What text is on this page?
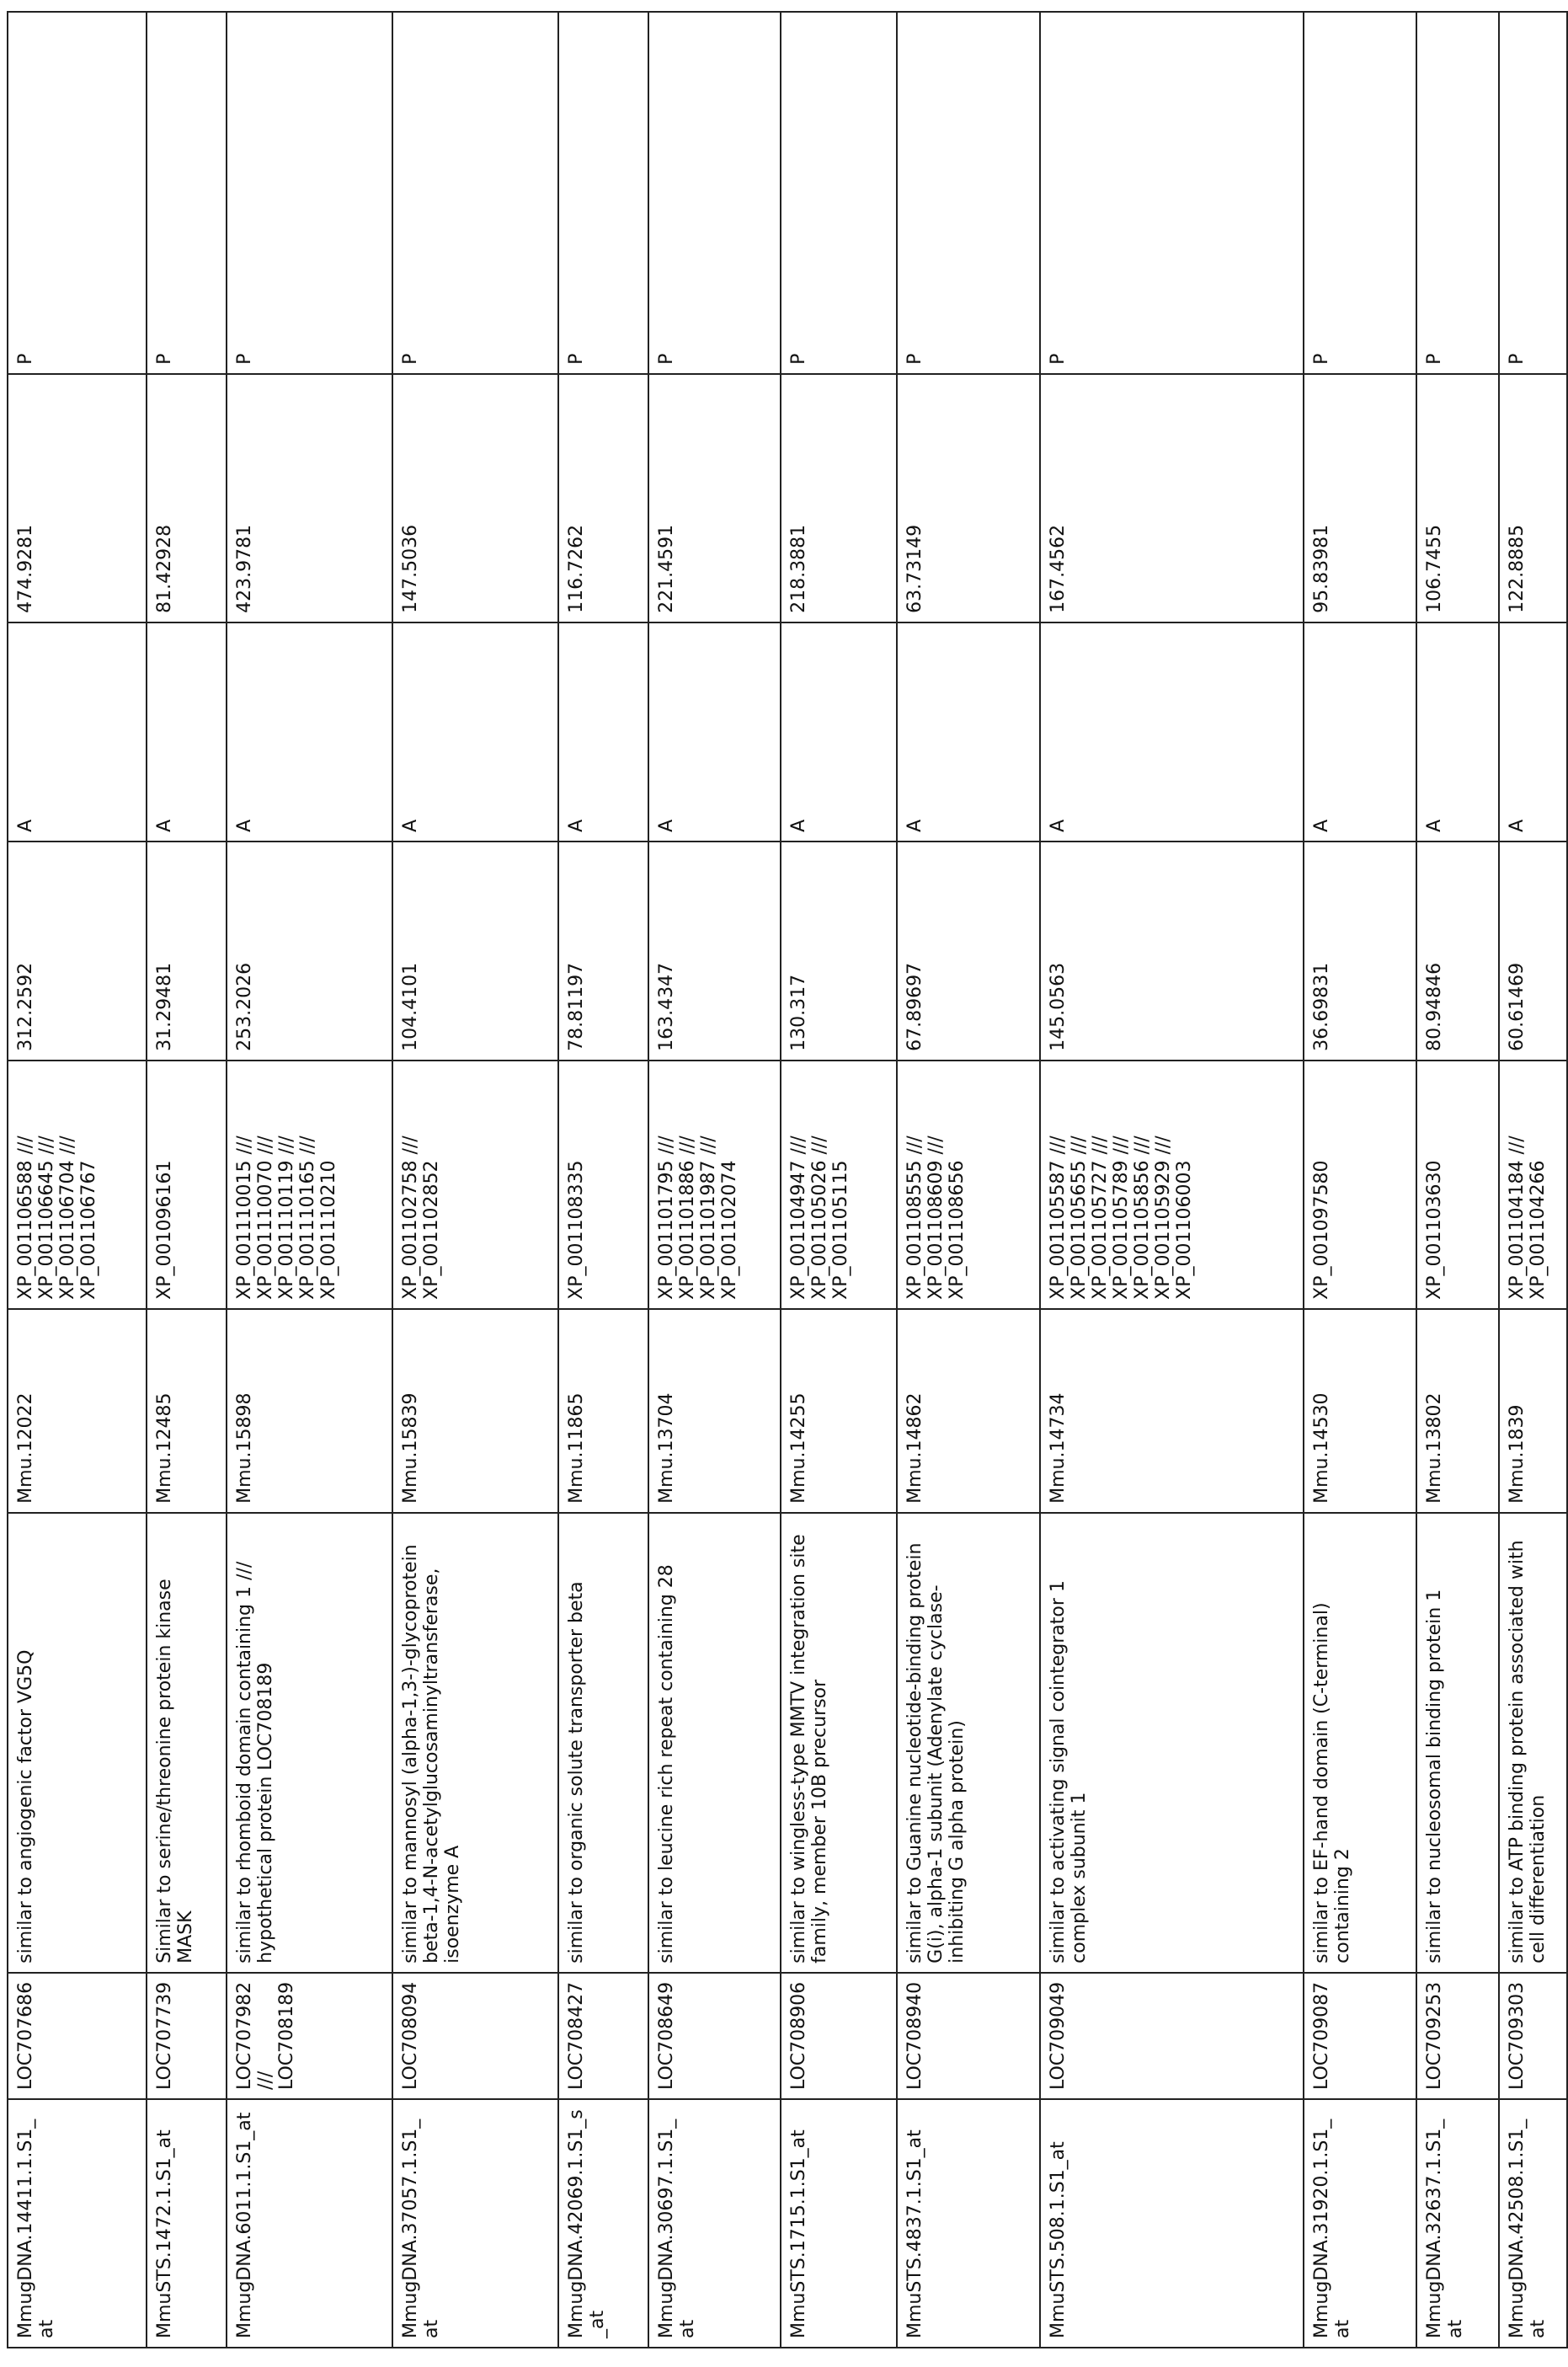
MmugDNA.14411.1.S1_at	LOC707686	similar to angiogenic factor VG5Q	Mmu.12022	XP_001106588 /// XP_001106645 /// XP_001106704 /// XP_001106767	312.2592	A	474.9281	P
MmuSTS.1472.1.S1_at	LOC707739	Similar to serine/threonine protein kinase MASK	Mmu.12485	XP_001096161	31.29481	A	81.42928	P
MmugDNA.6011.1.S1_at	LOC707982 /// LOC708189	similar to rhomboid domain containing 1 /// hypothetical protein LOC708189	Mmu.15898	XP_001110015 /// XP_001110070 /// XP_001110119 /// XP_001110165 /// XP_001110210	253.2026	A	423.9781	P
MmugDNA.37057.1.S1_at	LOC708094	similar to mannosyl (alpha-1,3-)-glycoprotein beta-1,4-N-acetylglucosaminyltransferase, isoenzyme A	Mmu.15839	XP_001102758 /// XP_001102852	104.4101	A	147.5036	P
MmugDNA.42069.1.S1_s_at	LOC708427	similar to organic solute transporter beta	Mmu.11865	XP_001108335	78.81197	A	116.7262	P
MmugDNA.30697.1.S1_at	LOC708649	similar to leucine rich repeat containing 28	Mmu.13704	XP_001101795 /// XP_001101886 /// XP_001101987 /// XP_001102074	163.4347	A	221.4591	P
MmuSTS.1715.1.S1_at	LOC708906	similar to wingless-type MMTV integration site family, member 10B precursor	Mmu.14255	XP_001104947 /// XP_001105026 /// XP_001105115	130.317	A	218.3881	P
MmuSTS.4837.1.S1_at	LOC708940	similar to Guanine nucleotide-binding protein G(i), alpha-1 subunit (Adenylate cyclase-inhibiting G alpha protein)	Mmu.14862	XP_001108555 /// XP_001108609 /// XP_001108656	67.89697	A	63.73149	P
MmuSTS.508.1.S1_at	LOC709049	similar to activating signal cointegrator 1 complex subunit 1	Mmu.14734	XP_001105587 /// XP_001105655 /// XP_001105727 /// XP_001105789 /// XP_001105856 /// XP_001105929 /// XP_001106003	145.0563	A	167.4562	P
MmugDNA.31920.1.S1_at	LOC709087	similar to EF-hand domain (C-terminal) containing 2	Mmu.14530	XP_001097580	36.69831	A	95.83981	P
MmugDNA.32637.1.S1_at	LOC709253	similar to nucleosomal binding protein 1	Mmu.13802	XP_001103630	80.94846	A	106.7455	P
MmugDNA.42508.1.S1_at	LOC709303	similar to ATP binding protein associated with cell differentiation	Mmu.1839	XP_001104184 /// XP_001104266	60.61469	A	122.8885	P
